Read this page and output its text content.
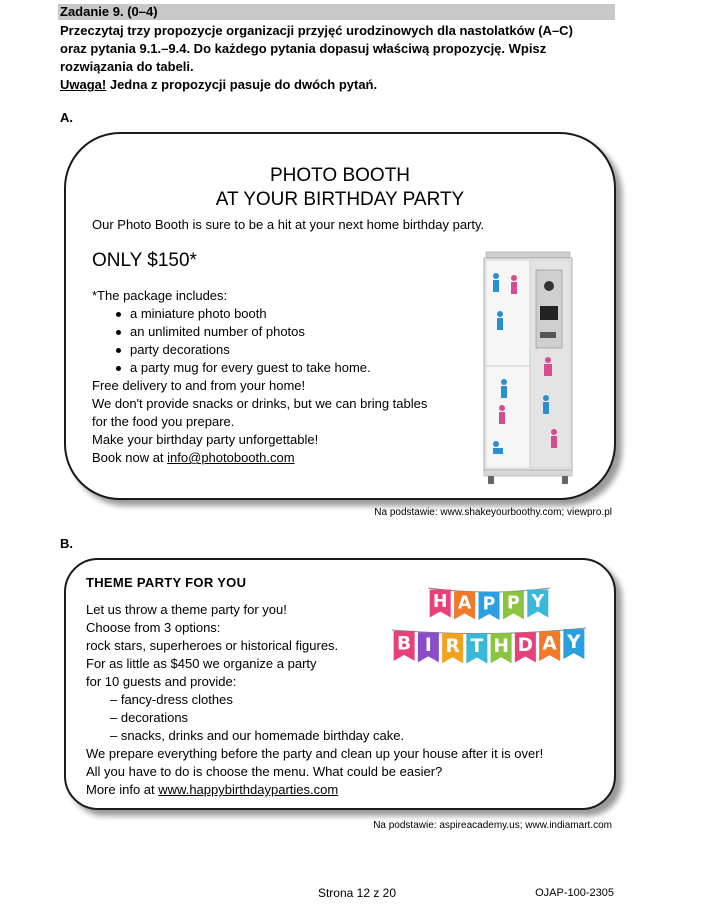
Zadanie 9. (0–4)
Przeczytaj trzy propozycje organizacji przyjęć urodzinowych dla nastolatków (A–C)
oraz pytania 9.1.–9.4. Do każdego pytania dopasuj właściwą propozycję. Wpisz
rozwiązania do tabeli.
Uwaga! Jedna z propozycji pasuje do dwóch pytań.
A.
PHOTO BOOTH
AT YOUR BIRTHDAY PARTY
Our Photo Booth is sure to be a hit at your next home birthday party.
ONLY $150*
*The package includes:
a miniature photo booth
an unlimited number of photos
party decorations
a party mug for every guest to take home.
Free delivery to and from your home!
We don't provide snacks or drinks, but we can bring tables
for the food you prepare.
Make your birthday party unforgettable!
Book now at info@photobooth.com
Na podstawie: www.shakeyourboothy.com; viewpro.pl
B.
THEME PARTY FOR YOU
Let us throw a theme party for you!
Choose from 3 options:
rock stars, superheroes or historical figures.
For as little as $450 we organize a party
for 10 guests and provide:
– fancy-dress clothes
– decorations
– snacks, drinks and our homemade birthday cake.
We prepare everything before the party and clean up your house after it is over!
All you have to do is choose the menu. What could be easier?
More info at www.happybirthdayparties.com
H A P P Y
B I R T H D A Y
Na podstawie: aspireacademy.us; www.indiamart.com
Strona 12 z 20	OJAP-100-2305
